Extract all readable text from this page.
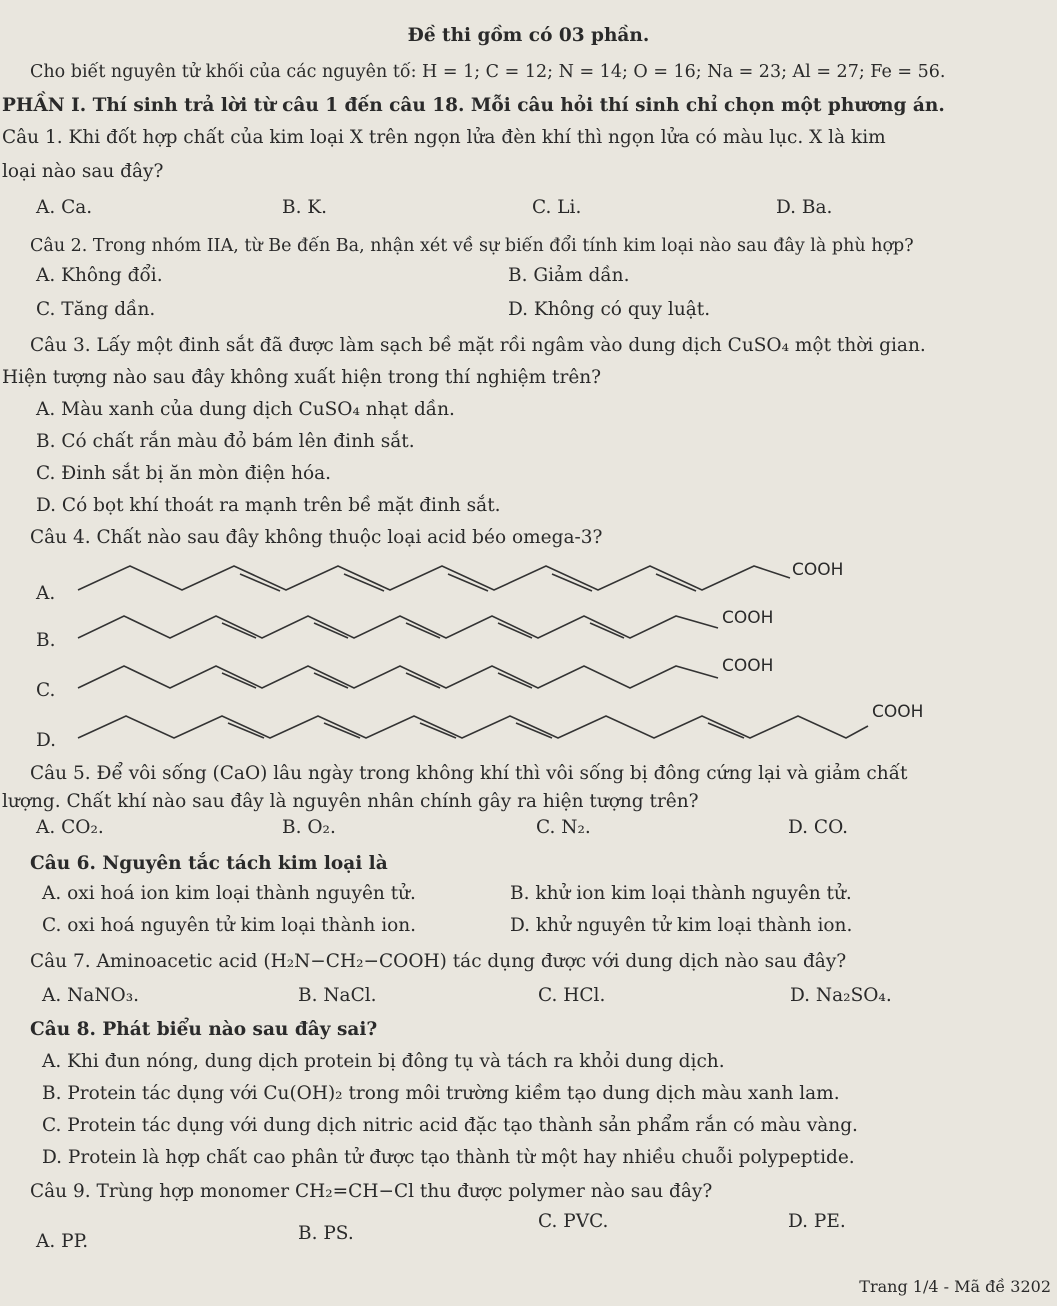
Đề thi gồm có 03 phần.
Cho biết nguyên tử khối của các nguyên tố: H = 1; C = 12; N = 14; O = 16; Na = 23; Al = 27; Fe = 56.
PHẦN I. Thí sinh trả lời từ câu 1 đến câu 18. Mỗi câu hỏi thí sinh chỉ chọn một phương án.
Câu 1. Khi đốt hợp chất của kim loại X trên ngọn lửa đèn khí thì ngọn lửa có màu lục. X là kim
loại nào sau đây?
A. Ca.	B. K.	C. Li.	D. Ba.
Câu 2. Trong nhóm IIA, từ Be đến Ba, nhận xét về sự biến đổi tính kim loại nào sau đây là phù hợp?
A. Không đổi.	B. Giảm dần.
C. Tăng dần.	D. Không có quy luật.
Câu 3. Lấy một đinh sắt đã được làm sạch bề mặt rồi ngâm vào dung dịch CuSO₄ một thời gian.
Hiện tượng nào sau đây không xuất hiện trong thí nghiệm trên?
A. Màu xanh của dung dịch CuSO₄ nhạt dần.
B. Có chất rắn màu đỏ bám lên đinh sắt.
C. Đinh sắt bị ăn mòn điện hóa.
D. Có bọt khí thoát ra mạnh trên bề mặt đinh sắt.
Câu 4. Chất nào sau đây không thuộc loại acid béo omega-3?
A.
COOH
B.
COOH
C.
COOH
D.
COOH
Câu 5. Để vôi sống (CaO) lâu ngày trong không khí thì vôi sống bị đông cứng lại và giảm chất
lượng. Chất khí nào sau đây là nguyên nhân chính gây ra hiện tượng trên?
A. CO₂.	B. O₂.	C. N₂.	D. CO.
Câu 6. Nguyên tắc tách kim loại là
A. oxi hoá ion kim loại thành nguyên tử.	B. khử ion kim loại thành nguyên tử.
C. oxi hoá nguyên tử kim loại thành ion.	D. khử nguyên tử kim loại thành ion.
Câu 7. Aminoacetic acid (H₂N−CH₂−COOH) tác dụng được với dung dịch nào sau đây?
A. NaNO₃.	B. NaCl.	C. HCl.	D. Na₂SO₄.
Câu 8. Phát biểu nào sau đây sai?
A. Khi đun nóng, dung dịch protein bị đông tụ và tách ra khỏi dung dịch.
B. Protein tác dụng với Cu(OH)₂ trong môi trường kiềm tạo dung dịch màu xanh lam.
C. Protein tác dụng với dung dịch nitric acid đặc tạo thành sản phẩm rắn có màu vàng.
D. Protein là hợp chất cao phân tử được tạo thành từ một hay nhiều chuỗi polypeptide.
Câu 9. Trùng hợp monomer CH₂=CH−Cl thu được polymer nào sau đây?
A. PP.	B. PS.
C. PVC.	D. PE.
Trang 1/4 - Mã đề 3202
